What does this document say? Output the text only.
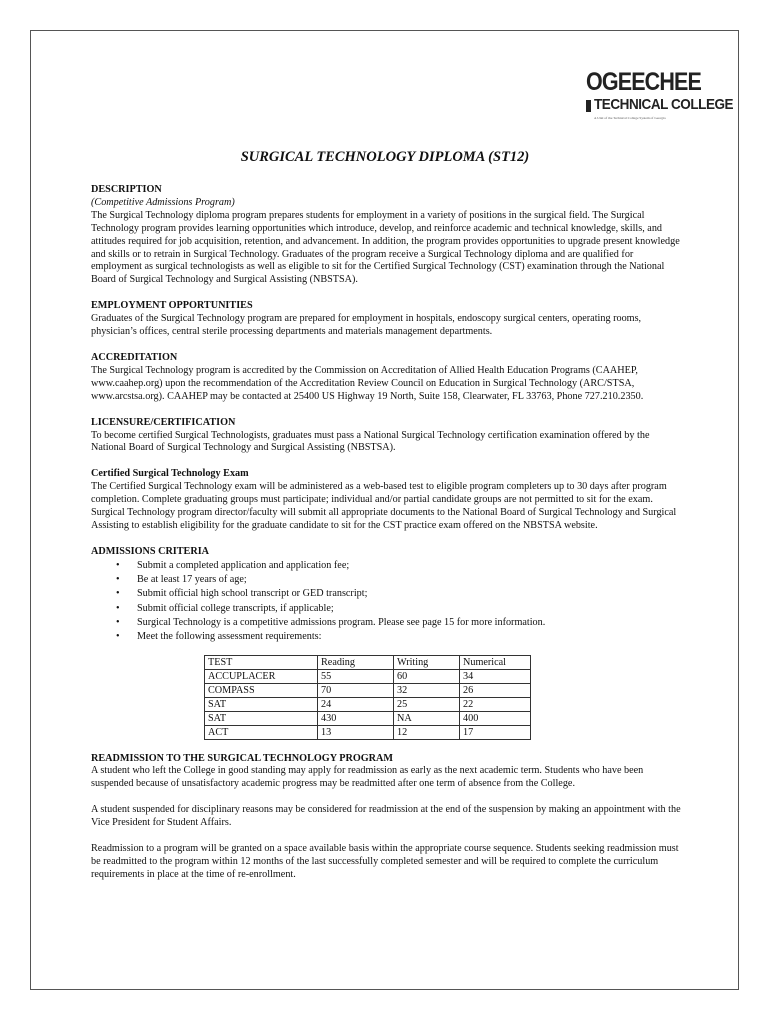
OGEECHEE
TECHNICAL COLLEGE
A Unit of the Technical College System of Georgia
SURGICAL TECHNOLOGY DIPLOMA (ST12)

DESCRIPTION

(Competitive Admissions Program)

The Surgical Technology diploma program prepares students for employment in a variety of positions in the surgical field. The Surgical Technology program provides learning opportunities which introduce, develop, and reinforce academic and technical knowledge, skills, and attitudes required for job acquisition, retention, and advancement. In addition, the program provides opportunities to upgrade present knowledge and skills or to retrain in Surgical Technology. Graduates of the program receive a Surgical Technology diploma and are qualified for employment as surgical technologists as well as eligible to sit for the Certified Surgical Technology (CST) examination through the National Board of Surgical Technology and Surgical Assisting (NBSTSA).

EMPLOYMENT OPPORTUNITIES

Graduates of the Surgical Technology program are prepared for employment in hospitals, endoscopy surgical centers, operating rooms, physician’s offices, central sterile processing departments and materials management departments.

ACCREDITATION

The Surgical Technology program is accredited by the Commission on Accreditation of Allied Health Education Programs (CAAHEP, www.caahep.org) upon the recommendation of the Accreditation Review Council on Education in Surgical Technology (ARC/STSA, www.arcstsa.org). CAAHEP may be contacted at 25400 US Highway 19 North, Suite 158, Clearwater, FL 33763, Phone 727.210.2350.

LICENSURE/CERTIFICATION

To become certified Surgical Technologists, graduates must pass a National Surgical Technology certification examination offered by the National Board of Surgical Technology and Surgical Assisting (NBSTSA).

Certified Surgical Technology Exam

The Certified Surgical Technology exam will be administered as a web-based test to eligible program completers up to 30 days after program completion. Complete graduating groups must participate; individual and/or partial candidate groups are not permitted to sit for the exam. Surgical Technology program director/faculty will submit all appropriate documents to the National Board of Surgical Technology and Surgical Assisting to establish eligibility for the graduate candidate to sit for the CST practice exam offered on the NBSTSA website.

ADMISSIONS CRITERIA

• Submit a completed application and application fee;
• Be at least 17 years of age;
• Submit official high school transcript or GED transcript;
• Submit official college transcripts, if applicable;
• Surgical Technology is a competitive admissions program. Please see page 15 for more information.
• Meet the following assessment requirements:
TEST	Reading	Writing	Numerical
ACCUPLACER	55	60	34
COMPASS	70	32	26
SAT	24	25	22
SAT	430	NA	400
ACT	13	12	17

READMISSION TO THE SURGICAL TECHNOLOGY PROGRAM

A student who left the College in good standing may apply for readmission as early as the next academic term. Students who have been suspended because of unsatisfactory academic progress may be readmitted after one term of absence from the College.

A student suspended for disciplinary reasons may be considered for readmission at the end of the suspension by making an appointment with the Vice President for Student Affairs.

Readmission to a program will be granted on a space available basis within the appropriate course sequence. Students seeking readmission must be readmitted to the program within 12 months of the last successfully completed semester and will be required to complete the curriculum requirements in place at the time of re-enrollment.
